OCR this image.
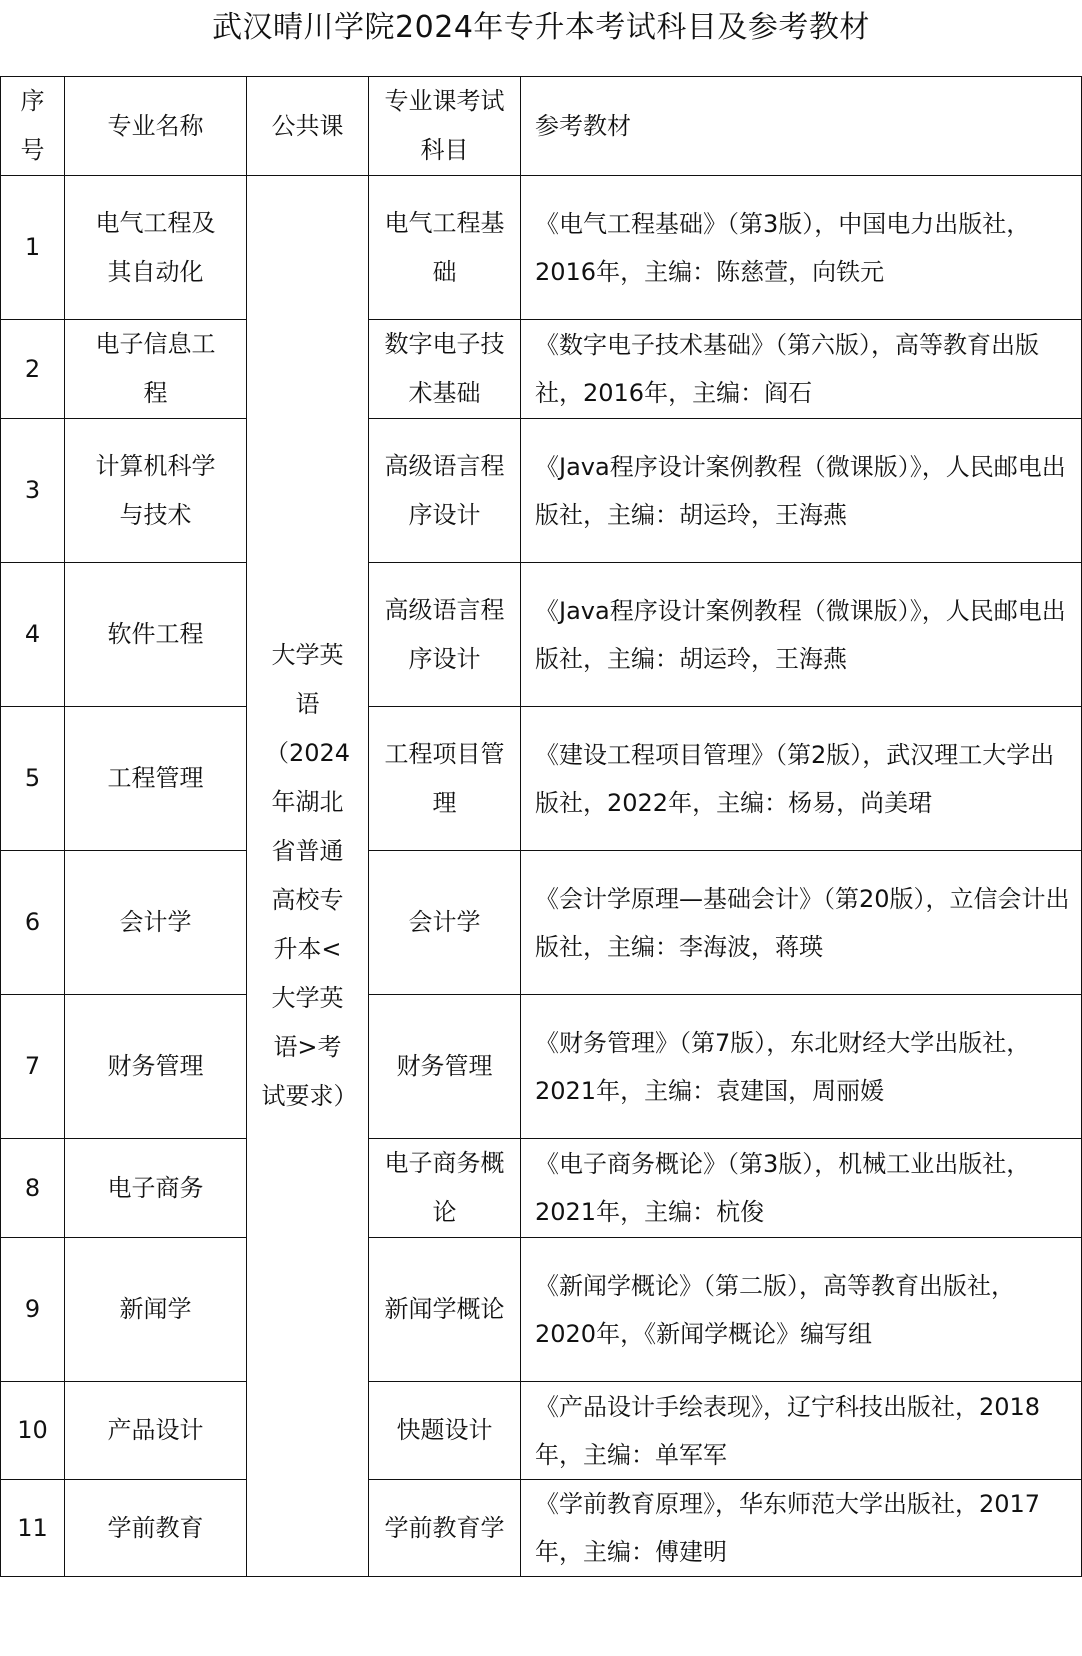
武汉晴川学院2024年专升本考试科目及参考教材
序号	专业名称	公共课	专业课考试科目	参考教材
1	电气工程及其自动化	大学英语（2024年湖北省普通高校专升本<大学英语>考试要求）	电气工程基础	《电气工程基础》（第3版），中国电力出版社，2016年，主编：陈慈萱，向铁元
2	电子信息工程		数字电子技术基础	《数字电子技术基础》（第六版），高等教育出版社，2016年，主编：阎石
3	计算机科学与技术		高级语言程序设计	《Java程序设计案例教程（微课版）》，人民邮电出版社，主编：胡运玲，王海燕
4	软件工程		高级语言程序设计	《Java程序设计案例教程（微课版）》，人民邮电出版社，主编：胡运玲，王海燕
5	工程管理		工程项目管理	《建设工程项目管理》（第2版），武汉理工大学出版社，2022年，主编：杨易，尚美珺
6	会计学		会计学	《会计学原理—基础会计》（第20版），立信会计出版社，主编：李海波，蒋瑛
7	财务管理		财务管理	《财务管理》（第7版），东北财经大学出版社，2021年，主编：袁建国，周丽媛
8	电子商务		电子商务概论	《电子商务概论》（第3版），机械工业出版社，2021年，主编：杭俊
9	新闻学		新闻学概论	《新闻学概论》（第二版），高等教育出版社，2020年，《新闻学概论》编写组
10	产品设计		快题设计	《产品设计手绘表现》，辽宁科技出版社，2018年，主编：单军军
11	学前教育		学前教育学	《学前教育原理》，华东师范大学出版社，2017年，主编：傅建明
